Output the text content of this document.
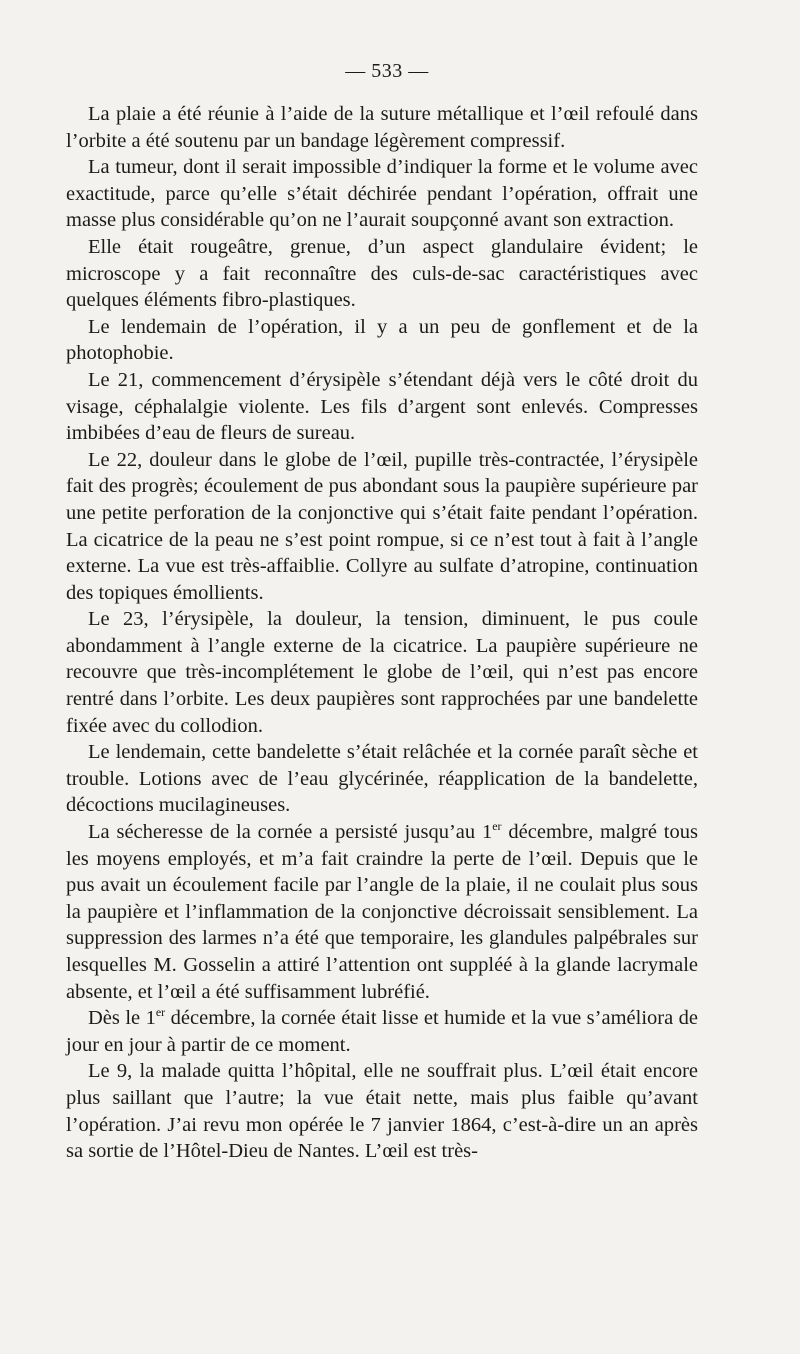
— 533 —

La plaie a été réunie à l’aide de la suture métallique et l’œil refoulé dans l’orbite a été soutenu par un bandage légèrement compressif.

La tumeur, dont il serait impossible d’indiquer la forme et le volume avec exactitude, parce qu’elle s’était déchirée pendant l’opération, offrait une masse plus considérable qu’on ne l’aurait soupçonné avant son extraction.

Elle était rougeâtre, grenue, d’un aspect glandulaire évident; le microscope y a fait reconnaître des culs-de-sac caractéristiques avec quelques éléments fibro-plastiques.

Le lendemain de l’opération, il y a un peu de gonflement et de la photophobie.

Le 21, commencement d’érysipèle s’étendant déjà vers le côté droit du visage, céphalalgie violente. Les fils d’argent sont enlevés. Compresses imbibées d’eau de fleurs de sureau.

Le 22, douleur dans le globe de l’œil, pupille très-contractée, l’érysipèle fait des progrès; écoulement de pus abondant sous la paupière supérieure par une petite perforation de la conjonctive qui s’était faite pendant l’opération. La cicatrice de la peau ne s’est point rompue, si ce n’est tout à fait à l’angle externe. La vue est très-affaiblie. Collyre au sulfate d’atropine, continuation des topiques émollients.

Le 23, l’érysipèle, la douleur, la tension, diminuent, le pus coule abondamment à l’angle externe de la cicatrice. La paupière supérieure ne recouvre que très-incomplétement le globe de l’œil, qui n’est pas encore rentré dans l’orbite. Les deux paupières sont rapprochées par une bandelette fixée avec du collodion.

Le lendemain, cette bandelette s’était relâchée et la cornée paraît sèche et trouble. Lotions avec de l’eau glycérinée, réapplication de la bandelette, décoctions mucilagineuses.

La sécheresse de la cornée a persisté jusqu’au 1er décembre, malgré tous les moyens employés, et m’a fait craindre la perte de l’œil. Depuis que le pus avait un écoulement facile par l’angle de la plaie, il ne coulait plus sous la paupière et l’inflammation de la conjonctive décroissait sensiblement. La suppression des larmes n’a été que temporaire, les glandules palpébrales sur lesquelles M. Gosselin a attiré l’attention ont suppléé à la glande lacrymale absente, et l’œil a été suffisamment lubréfié.

Dès le 1er décembre, la cornée était lisse et humide et la vue s’améliora de jour en jour à partir de ce moment.

Le 9, la malade quitta l’hôpital, elle ne souffrait plus. L’œil était encore plus saillant que l’autre; la vue était nette, mais plus faible qu’avant l’opération. J’ai revu mon opérée le 7 janvier 1864, c’est-à-dire un an après sa sortie de l’Hôtel-Dieu de Nantes. L’œil est très-
